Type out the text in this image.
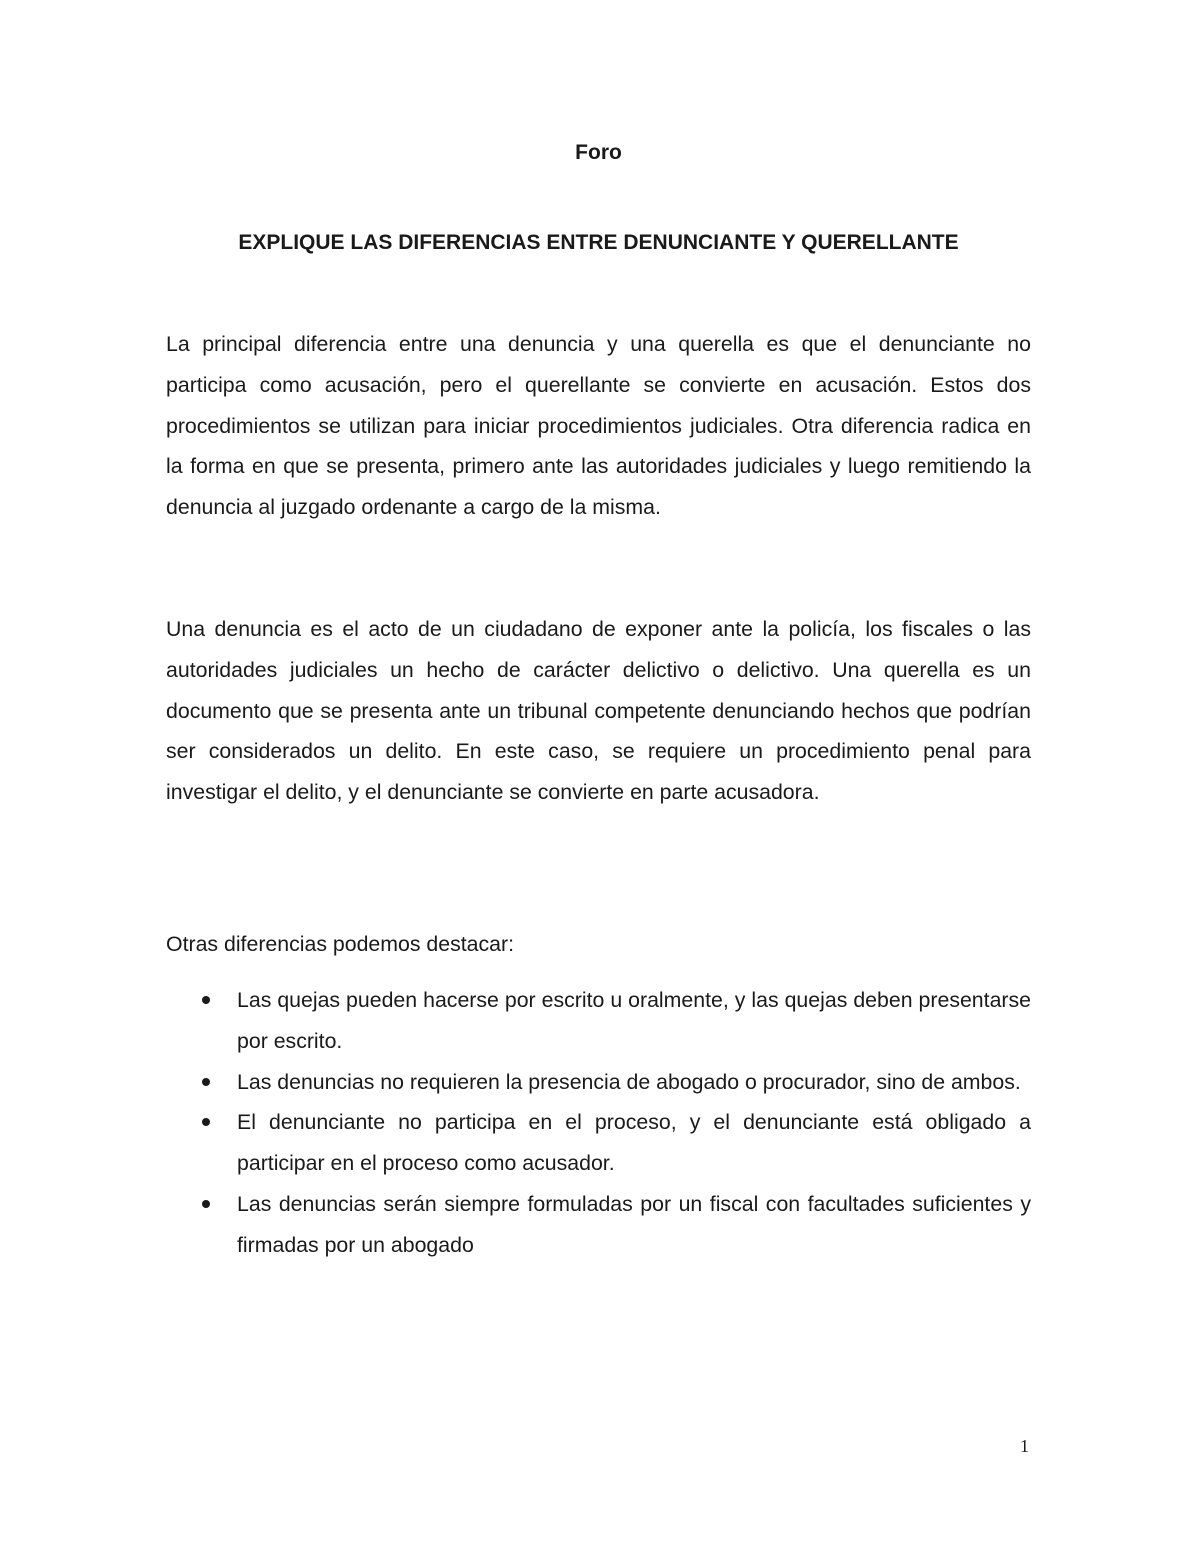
Foro
EXPLIQUE LAS DIFERENCIAS ENTRE DENUNCIANTE Y QUERELLANTE

La principal diferencia entre una denuncia y una querella es que el denunciante no participa como acusación, pero el querellante se convierte en acusación. Estos dos procedimientos se utilizan para iniciar procedimientos judiciales. Otra diferencia radica en la forma en que se presenta, primero ante las autoridades judiciales y luego remitiendo la denuncia al juzgado ordenante a cargo de la misma.

Una denuncia es el acto de un ciudadano de exponer ante la policía, los fiscales o las autoridades judiciales un hecho de carácter delictivo o delictivo. Una querella es un documento que se presenta ante un tribunal competente denunciando hechos que podrían ser considerados un delito. En este caso, se requiere un procedimiento penal para investigar el delito, y el denunciante se convierte en parte acusadora.

Otras diferencias podemos destacar:

Las quejas pueden hacerse por escrito u oralmente, y las quejas deben presentarse por escrito.
Las denuncias no requieren la presencia de abogado o procurador, sino de ambos.
El denunciante no participa en el proceso, y el denunciante está obligado a participar en el proceso como acusador.
Las denuncias serán siempre formuladas por un fiscal con facultades suficientes y firmadas por un abogado
1
